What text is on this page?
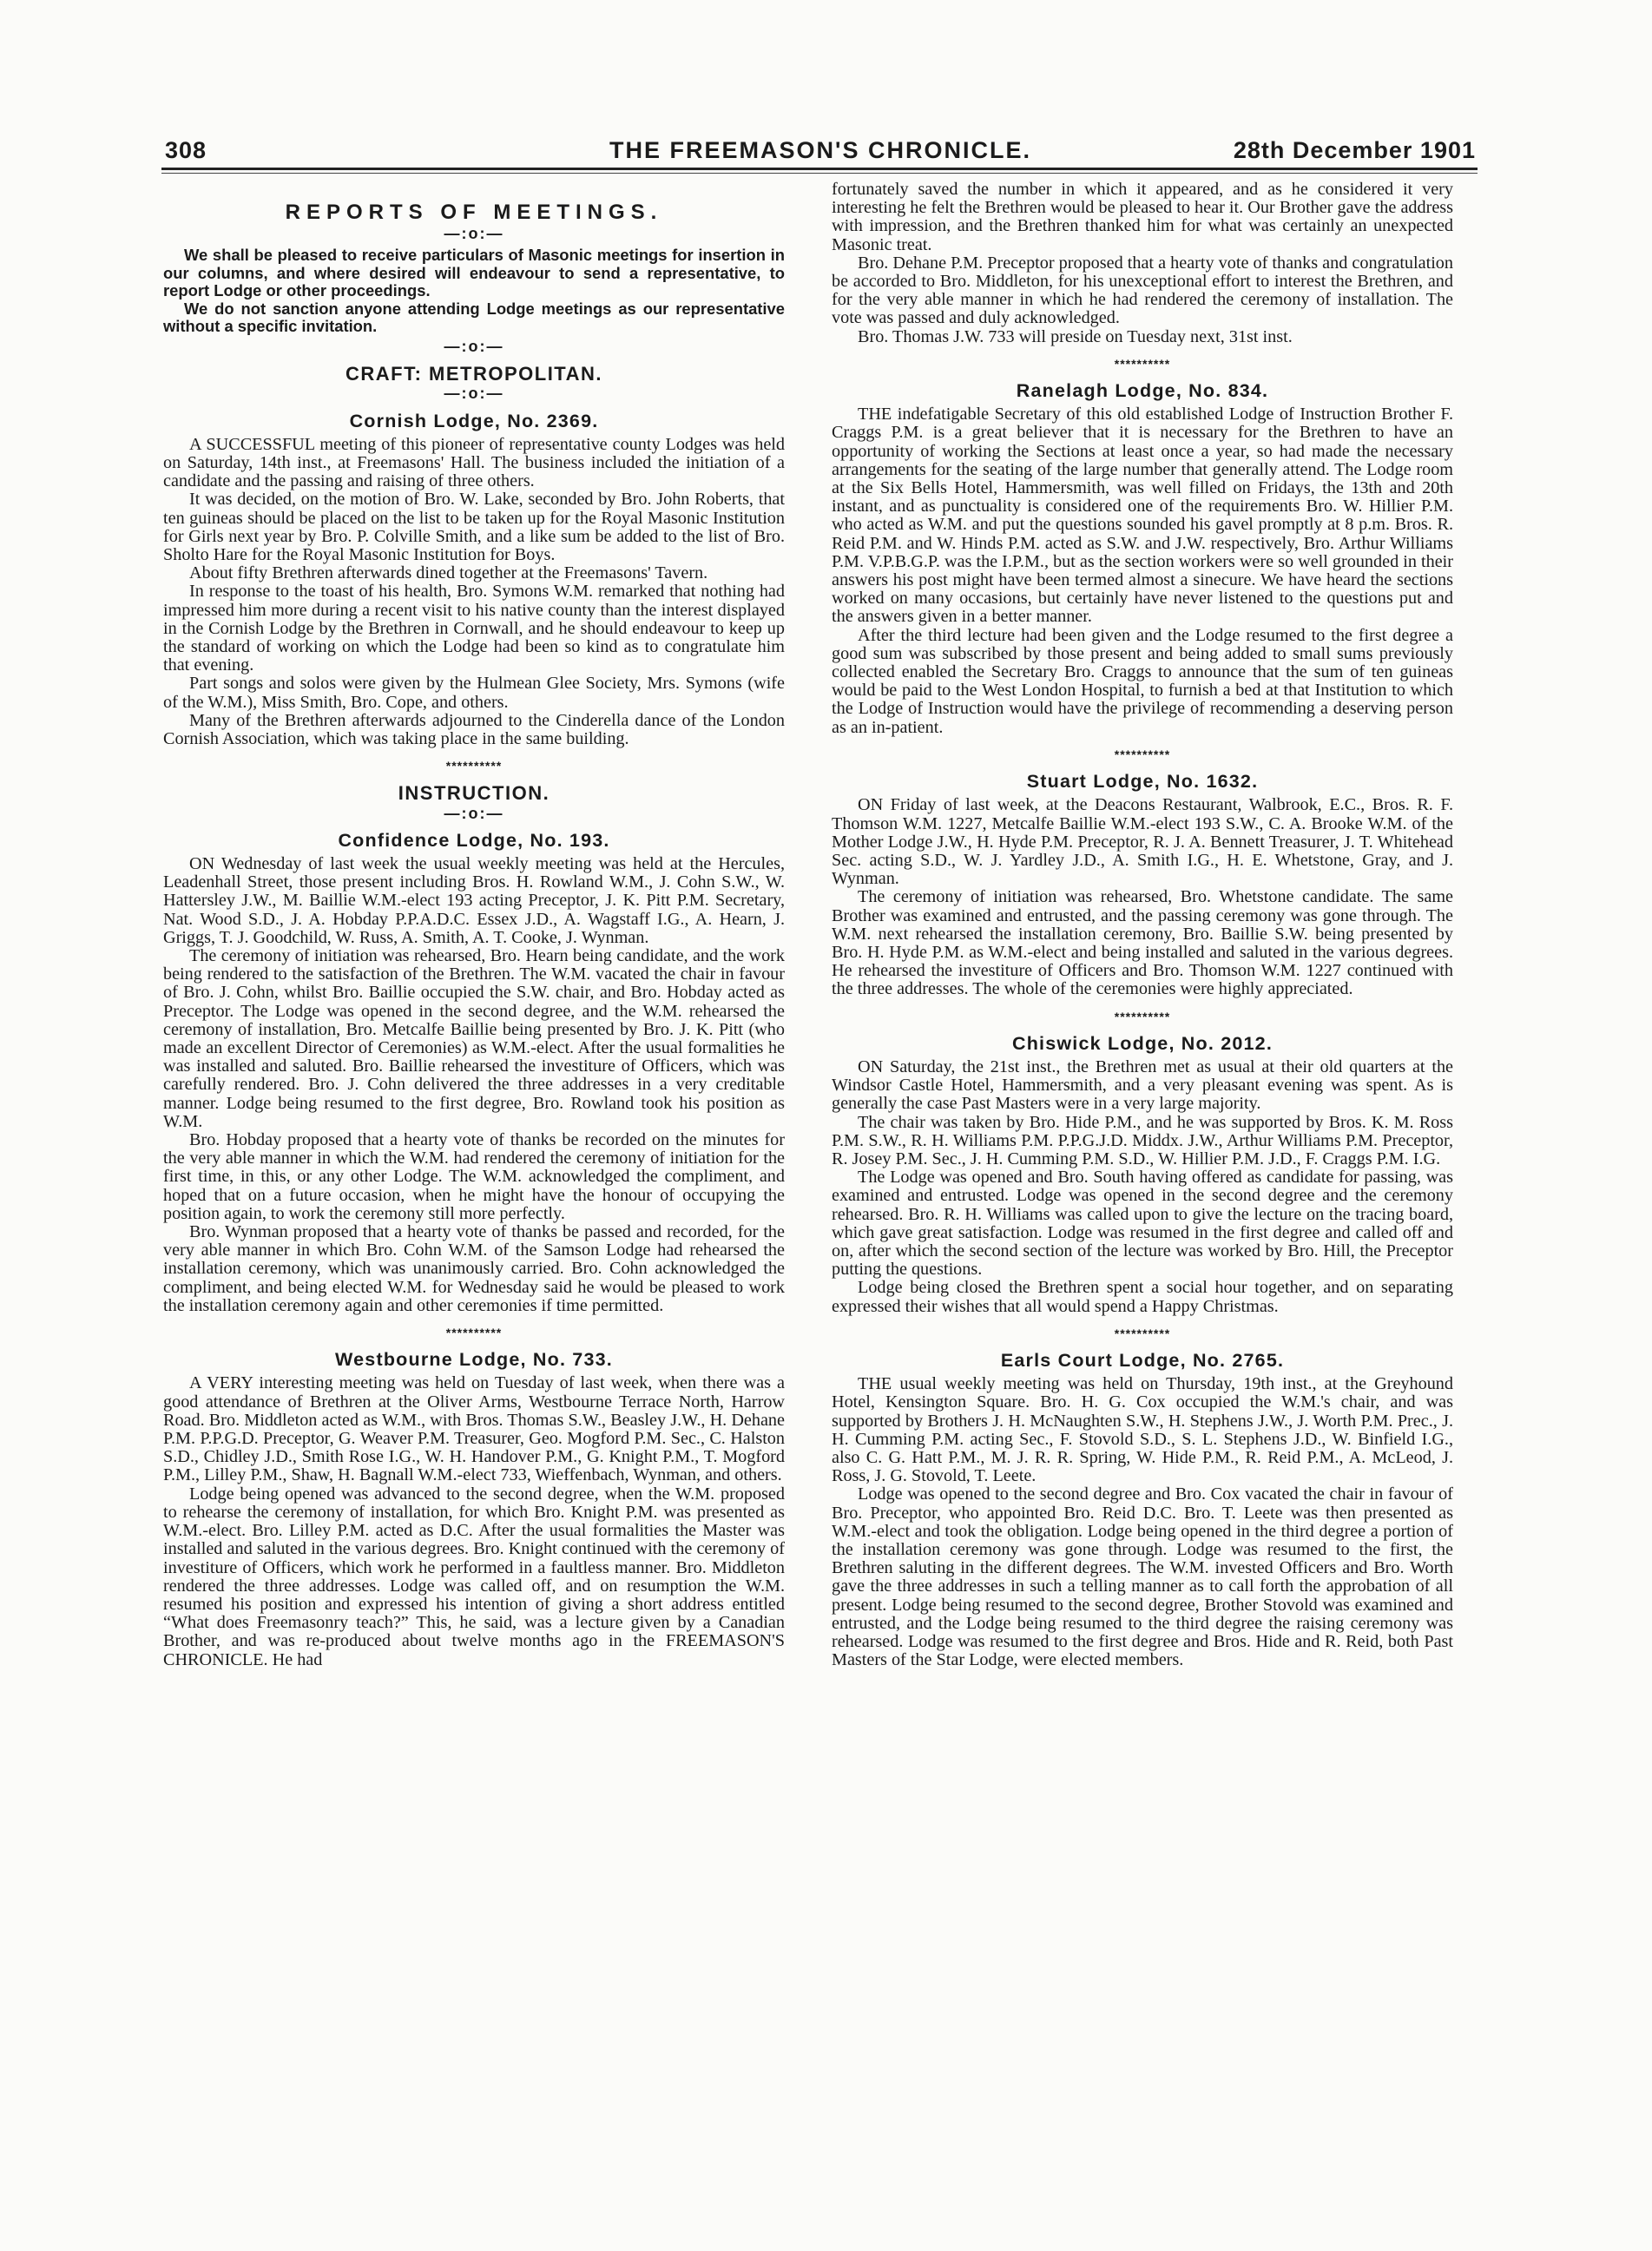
308	THE FREEMASON'S CHRONICLE.	28th December 1901
REPORTS OF MEETINGS.
—:o:—

We shall be pleased to receive particulars of Masonic meetings for insertion in our columns, and where desired will endeavour to send a representative, to report Lodge or other proceedings.
We do not sanction anyone attending Lodge meetings as our representative without a specific invitation.

—:o:—
CRAFT: METROPOLITAN.
—:o:—
Cornish Lodge, No. 2369.

A SUCCESSFUL meeting of this pioneer of representative county Lodges was held on Saturday, 14th inst., at Freemasons' Hall. The business included the initiation of a candidate and the passing and raising of three others.

It was decided, on the motion of Bro. W. Lake, seconded by Bro. John Roberts, that ten guineas should be placed on the list to be taken up for the Royal Masonic Institution for Girls next year by Bro. P. Colville Smith, and a like sum be added to the list of Bro. Sholto Hare for the Royal Masonic Institution for Boys.

About fifty Brethren afterwards dined together at the Freemasons' Tavern.

In response to the toast of his health, Bro. Symons W.M. remarked that nothing had impressed him more during a recent visit to his native county than the interest displayed in the Cornish Lodge by the Brethren in Cornwall, and he should endeavour to keep up the standard of working on which the Lodge had been so kind as to congratulate him that evening.

Part songs and solos were given by the Hulmean Glee Society, Mrs. Symons (wife of the W.M.), Miss Smith, Bro. Cope, and others.

Many of the Brethren afterwards adjourned to the Cinderella dance of the London Cornish Association, which was taking place in the same building.

**********
INSTRUCTION.
—:o:—
Confidence Lodge, No. 193.

ON Wednesday of last week the usual weekly meeting was held at the Hercules, Leadenhall Street, those present including Bros. H. Rowland W.M., J. Cohn S.W., W. Hattersley J.W., M. Baillie W.M.-elect 193 acting Preceptor, J. K. Pitt P.M. Secretary, Nat. Wood S.D., J. A. Hobday P.P.A.D.C. Essex J.D., A. Wagstaff I.G., A. Hearn, J. Griggs, T. J. Goodchild, W. Russ, A. Smith, A. T. Cooke, J. Wynman.

The ceremony of initiation was rehearsed, Bro. Hearn being candidate, and the work being rendered to the satisfaction of the Brethren. The W.M. vacated the chair in favour of Bro. J. Cohn, whilst Bro. Baillie occupied the S.W. chair, and Bro. Hobday acted as Preceptor. The Lodge was opened in the second degree, and the W.M. rehearsed the ceremony of installation, Bro. Metcalfe Baillie being presented by Bro. J. K. Pitt (who made an excellent Director of Ceremonies) as W.M.-elect. After the usual formalities he was installed and saluted. Bro. Baillie rehearsed the investiture of Officers, which was carefully rendered. Bro. J. Cohn delivered the three addresses in a very creditable manner. Lodge being resumed to the first degree, Bro. Rowland took his position as W.M.

Bro. Hobday proposed that a hearty vote of thanks be recorded on the minutes for the very able manner in which the W.M. had rendered the ceremony of initiation for the first time, in this, or any other Lodge. The W.M. acknowledged the compliment, and hoped that on a future occasion, when he might have the honour of occupying the position again, to work the ceremony still more perfectly.

Bro. Wynman proposed that a hearty vote of thanks be passed and recorded, for the very able manner in which Bro. Cohn W.M. of the Samson Lodge had rehearsed the installation ceremony, which was unanimously carried. Bro. Cohn acknowledged the compliment, and being elected W.M. for Wednesday said he would be pleased to work the installation ceremony again and other ceremonies if time permitted.

**********
Westbourne Lodge, No. 733.

A VERY interesting meeting was held on Tuesday of last week, when there was a good attendance of Brethren at the Oliver Arms, Westbourne Terrace North, Harrow Road. Bro. Middleton acted as W.M., with Bros. Thomas S.W., Beasley J.W., H. Dehane P.M. P.P.G.D. Preceptor, G. Weaver P.M. Treasurer, Geo. Mogford P.M. Sec., C. Halston S.D., Chidley J.D., Smith Rose I.G., W. H. Handover P.M., G. Knight P.M., T. Mogford P.M., Lilley P.M., Shaw, H. Bagnall W.M.-elect 733, Wieffenbach, Wynman, and others.

Lodge being opened was advanced to the second degree, when the W.M. proposed to rehearse the ceremony of installation, for which Bro. Knight P.M. was presented as W.M.-elect. Bro. Lilley P.M. acted as D.C. After the usual formalities the Master was installed and saluted in the various degrees. Bro. Knight continued with the ceremony of investiture of Officers, which work he performed in a faultless manner. Bro. Middleton rendered the three addresses. Lodge was called off, and on resumption the W.M. resumed his position and expressed his intention of giving a short address entitled “What does Freemasonry teach?” This, he said, was a lecture given by a Canadian Brother, and was re-produced about twelve months ago in the FREEMASON'S CHRONICLE. He had

fortunately saved the number in which it appeared, and as he considered it very interesting he felt the Brethren would be pleased to hear it. Our Brother gave the address with impression, and the Brethren thanked him for what was certainly an unexpected Masonic treat.

Bro. Dehane P.M. Preceptor proposed that a hearty vote of thanks and congratulation be accorded to Bro. Middleton, for his unexceptional effort to interest the Brethren, and for the very able manner in which he had rendered the ceremony of installation. The vote was passed and duly acknowledged.

Bro. Thomas J.W. 733 will preside on Tuesday next, 31st inst.

**********
Ranelagh Lodge, No. 834.

THE indefatigable Secretary of this old established Lodge of Instruction Brother F. Craggs P.M. is a great believer that it is necessary for the Brethren to have an opportunity of working the Sections at least once a year, so had made the necessary arrangements for the seating of the large number that generally attend. The Lodge room at the Six Bells Hotel, Hammersmith, was well filled on Fridays, the 13th and 20th instant, and as punctuality is considered one of the requirements Bro. W. Hillier P.M. who acted as W.M. and put the questions sounded his gavel promptly at 8 p.m. Bros. R. Reid P.M. and W. Hinds P.M. acted as S.W. and J.W. respectively, Bro. Arthur Williams P.M. V.P.B.G.P. was the I.P.M., but as the section workers were so well grounded in their answers his post might have been termed almost a sinecure. We have heard the sections worked on many occasions, but certainly have never listened to the questions put and the answers given in a better manner.

After the third lecture had been given and the Lodge resumed to the first degree a good sum was subscribed by those present and being added to small sums previously collected enabled the Secretary Bro. Craggs to announce that the sum of ten guineas would be paid to the West London Hospital, to furnish a bed at that Institution to which the Lodge of Instruction would have the privilege of recommending a deserving person as an in-patient.

**********
Stuart Lodge, No. 1632.

ON Friday of last week, at the Deacons Restaurant, Walbrook, E.C., Bros. R. F. Thomson W.M. 1227, Metcalfe Baillie W.M.-elect 193 S.W., C. A. Brooke W.M. of the Mother Lodge J.W., H. Hyde P.M. Preceptor, R. J. A. Bennett Treasurer, J. T. Whitehead Sec. acting S.D., W. J. Yardley J.D., A. Smith I.G., H. E. Whetstone, Gray, and J. Wynman.

The ceremony of initiation was rehearsed, Bro. Whetstone candidate. The same Brother was examined and entrusted, and the passing ceremony was gone through. The W.M. next rehearsed the installation ceremony, Bro. Baillie S.W. being presented by Bro. H. Hyde P.M. as W.M.-elect and being installed and saluted in the various degrees. He rehearsed the investiture of Officers and Bro. Thomson W.M. 1227 continued with the three addresses. The whole of the ceremonies were highly appreciated.

**********
Chiswick Lodge, No. 2012.

ON Saturday, the 21st inst., the Brethren met as usual at their old quarters at the Windsor Castle Hotel, Hammersmith, and a very pleasant evening was spent. As is generally the case Past Masters were in a very large majority.

The chair was taken by Bro. Hide P.M., and he was supported by Bros. K. M. Ross P.M. S.W., R. H. Williams P.M. P.P.G.J.D. Middx. J.W., Arthur Williams P.M. Preceptor, R. Josey P.M. Sec., J. H. Cumming P.M. S.D., W. Hillier P.M. J.D., F. Craggs P.M. I.G.

The Lodge was opened and Bro. South having offered as candidate for passing, was examined and entrusted. Lodge was opened in the second degree and the ceremony rehearsed. Bro. R. H. Williams was called upon to give the lecture on the tracing board, which gave great satisfaction. Lodge was resumed in the first degree and called off and on, after which the second section of the lecture was worked by Bro. Hill, the Preceptor putting the questions.

Lodge being closed the Brethren spent a social hour together, and on separating expressed their wishes that all would spend a Happy Christmas.

**********
Earls Court Lodge, No. 2765.

THE usual weekly meeting was held on Thursday, 19th inst., at the Greyhound Hotel, Kensington Square. Bro. H. G. Cox occupied the W.M.'s chair, and was supported by Brothers J. H. McNaughten S.W., H. Stephens J.W., J. Worth P.M. Prec., J. H. Cumming P.M. acting Sec., F. Stovold S.D., S. L. Stephens J.D., W. Binfield I.G., also C. G. Hatt P.M., M. J. R. R. Spring, W. Hide P.M., R. Reid P.M., A. McLeod, J. Ross, J. G. Stovold, T. Leete.

Lodge was opened to the second degree and Bro. Cox vacated the chair in favour of Bro. Preceptor, who appointed Bro. Reid D.C. Bro. T. Leete was then presented as W.M.-elect and took the obligation. Lodge being opened in the third degree a portion of the installation ceremony was gone through. Lodge was resumed to the first, the Brethren saluting in the different degrees. The W.M. invested Officers and Bro. Worth gave the three addresses in such a telling manner as to call forth the approbation of all present. Lodge being resumed to the second degree, Brother Stovold was examined and entrusted, and the Lodge being resumed to the third degree the raising ceremony was rehearsed. Lodge was resumed to the first degree and Bros. Hide and R. Reid, both Past Masters of the Star Lodge, were elected members.
